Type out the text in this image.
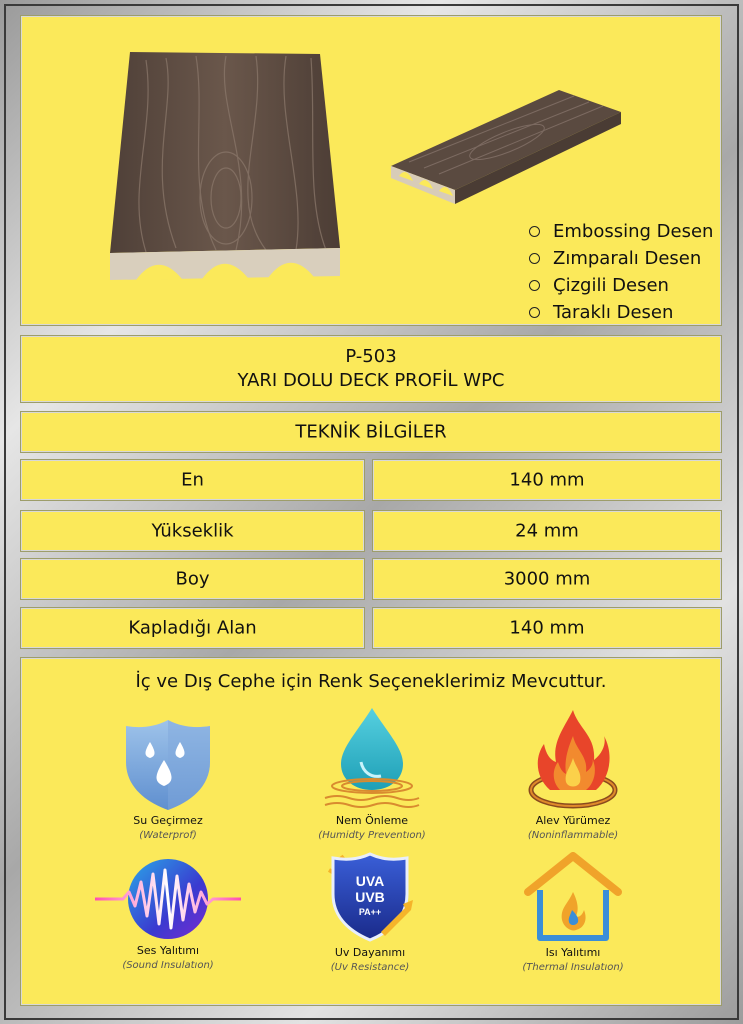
Embossing Desen
Zımparalı Desen
Çizgili Desen
Taraklı Desen
P-503
YARI DOLU DECK PROFİL WPC
TEKNİK BİLGİLER
En	140 mm
Yükseklik	24 mm
Boy	3000 mm
Kapladığı Alan	140 mm
İç ve Dış Cephe için Renk Seçeneklerimiz Mevcuttur.
Su Geçirmez
(Waterprof)
Nem Önleme
(Humidty Preventıon)
Alev Yürümez
(Noninflammable)
Ses Yalıtımı
(Sound Insulatıon)
UVA
UVB
PA++
Uv Dayanımı
(Uv Resistance)
Isı Yalıtımı
(Thermal Insulatıon)
